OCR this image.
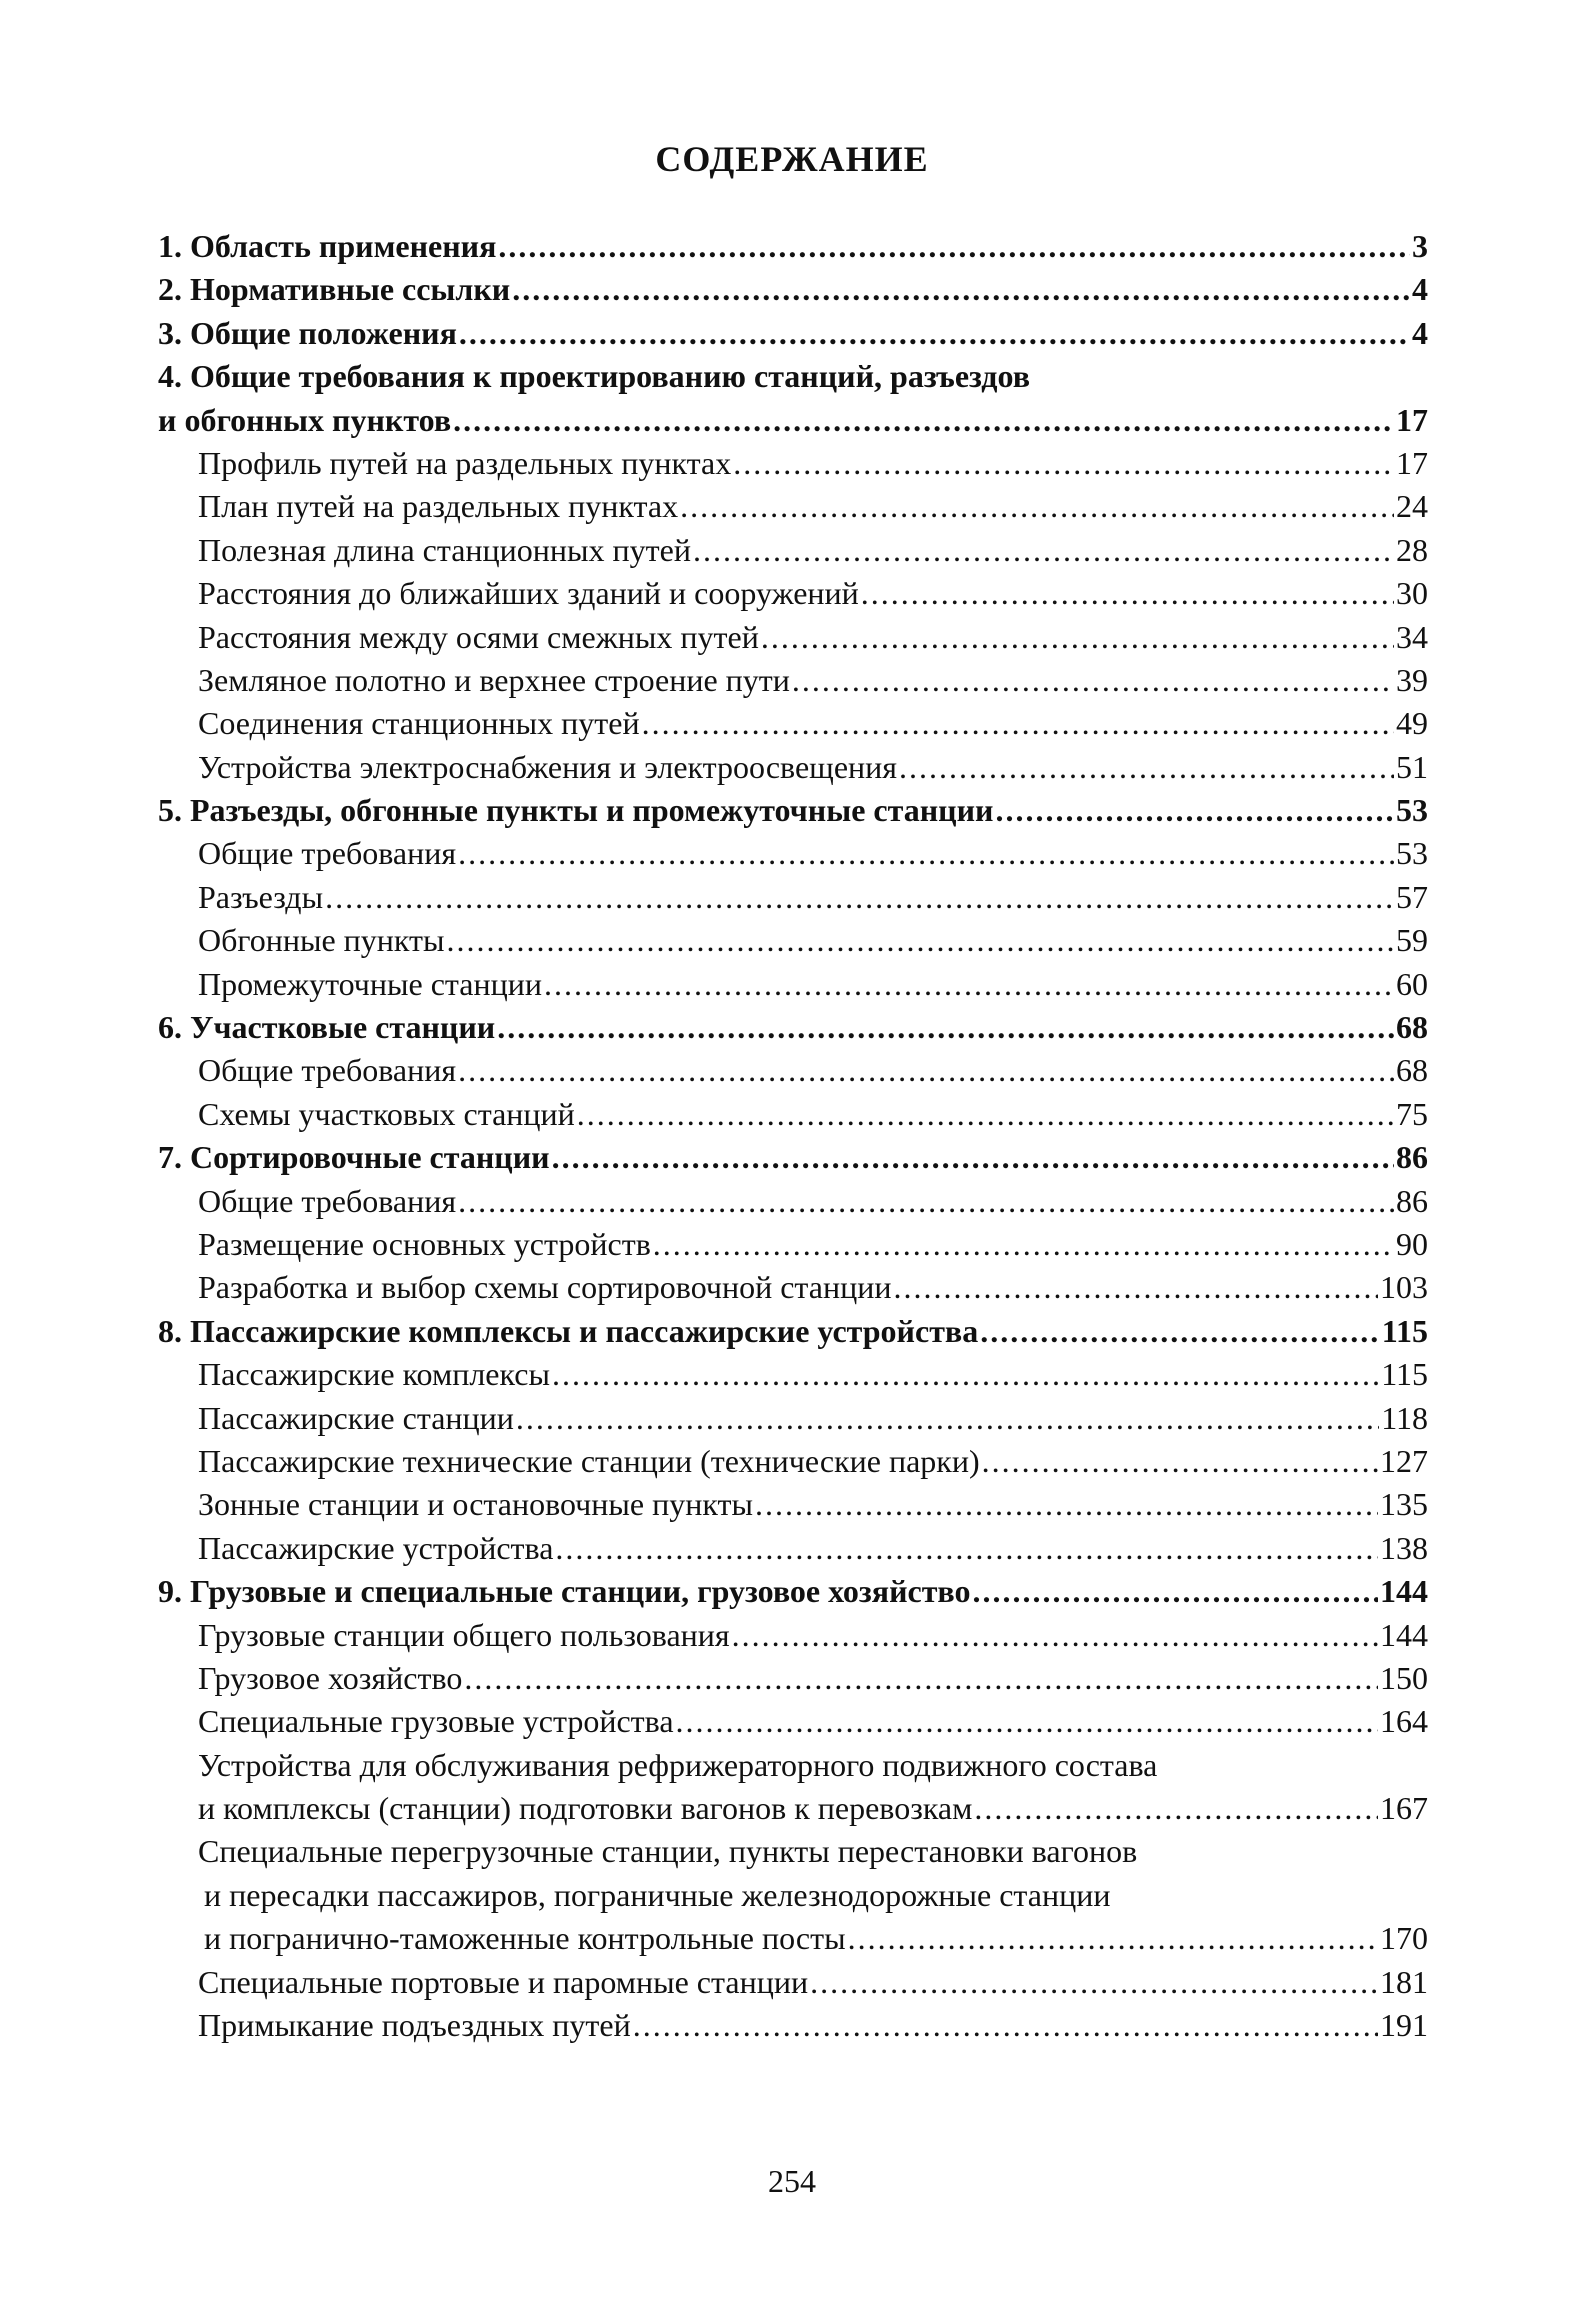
СОДЕРЖАНИЕ
1. Область применения .....	3
2. Нормативные ссылки .....	4
3. Общие положения .....	4
4. Общие требования к проектированию станций, разъездов
и обгонных пунктов .....	17
Профиль путей на раздельных пунктах .....	17
План путей на раздельных пунктах .....	24
Полезная длина станционных путей .....	28
Расстояния до ближайших зданий и сооружений .....	30
Расстояния между осями смежных путей .....	34
Земляное полотно и верхнее строение пути .....	39
Соединения станционных путей .....	49
Устройства электроснабжения и электроосвещения .....	51
5. Разъезды, обгонные пункты и промежуточные станции .....	53
Общие требования .....	53
Разъезды .....	57
Обгонные пункты .....	59
Промежуточные станции .....	60
6. Участковые станции .....	68
Общие требования .....	68
Схемы участковых станций .....	75
7. Сортировочные станции .....	86
Общие требования .....	86
Размещение основных устройств .....	90
Разработка и выбор схемы сортировочной станции .....	103
8. Пассажирские комплексы и пассажирские устройства .....	115
Пассажирские комплексы .....	115
Пассажирские станции .....	118
Пассажирские технические станции (технические парки) .....	127
Зонные станции и остановочные пункты .....	135
Пассажирские устройства .....	138
9. Грузовые и специальные станции, грузовое хозяйство .....	144
Грузовые станции общего пользования .....	144
Грузовое хозяйство .....	150
Специальные грузовые устройства .....	164
Устройства для обслуживания рефрижераторного подвижного состава
и комплексы (станции) подготовки вагонов к перевозкам .....	167
Специальные перегрузочные станции, пункты перестановки вагонов
и пересадки пассажиров, пограничные железнодорожные станции
и погранично-таможенные контрольные посты .....	170
Специальные портовые и паромные станции .....	181
Примыкание подъездных путей .....	191
254
